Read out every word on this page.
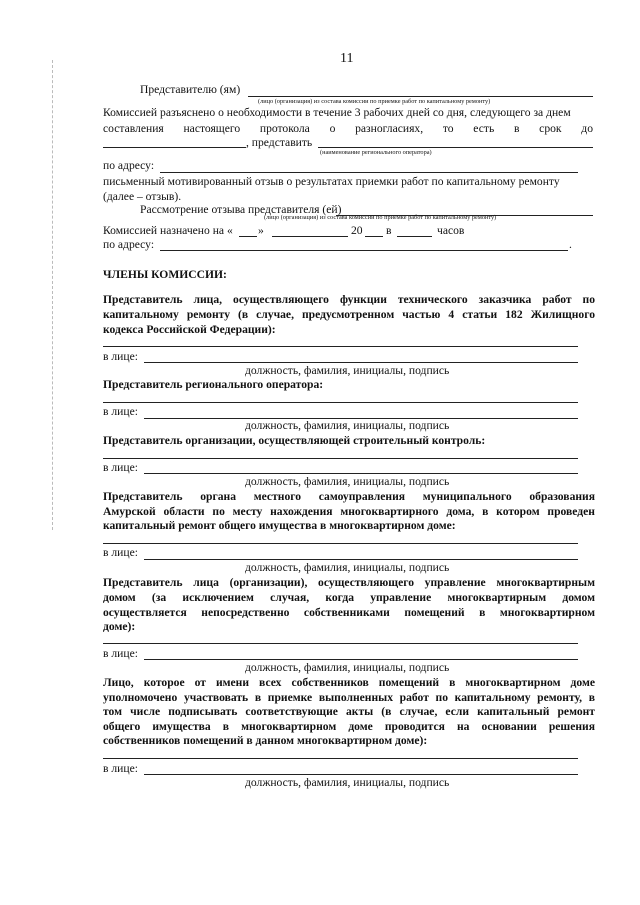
11
Представителю (ям)
(лицо (организация) из состава комиссии по приемке работ по капитальному ремонту)
Комиссией разъяснено о необходимости в течение 3 рабочих дней со дня, следующего за днем
составления настоящего протокола о разногласиях, то есть в срок до
, представить
(наименование регионального оператора)
по адресу:
письменный мотивированный отзыв о результатах приемки работ по капитальному ремонту
(далее – отзыв).
Рассмотрение отзыва представителя (ей)
(лицо (организация) из состава комиссии по приемке работ по капитальному ремонту)
Комиссией назначено на « »	20 в	часов
по адресу:	.
ЧЛЕНЫ КОМИССИИ:
Представитель лица, осуществляющего функции технического заказчика работ по
капитальному ремонту (в случае, предусмотренном частью 4 статьи 182 Жилищного
кодекса Российской Федерации):
в лице:
должность, фамилия, инициалы, подпись
Представитель регионального оператора:
в лице:
должность, фамилия, инициалы, подпись
Представитель организации, осуществляющей строительный контроль:
в лице:
должность, фамилия, инициалы, подпись
Представитель органа местного самоуправления муниципального образования
Амурской области по месту нахождения многоквартирного дома, в котором проведен
капитальный ремонт общего имущества в многоквартирном доме:
в лице:
должность, фамилия, инициалы, подпись
Представитель лица (организации), осуществляющего управление многоквартирным
домом (за исключением случая, когда управление многоквартирным домом
осуществляется непосредственно собственниками помещений в многоквартирном
доме):
в лице:
должность, фамилия, инициалы, подпись
Лицо, которое от имени всех собственников помещений в многоквартирном доме
уполномочено участвовать в приемке выполненных работ по капитальному ремонту, в
том числе подписывать соответствующие акты (в случае, если капитальный ремонт
общего имущества в многоквартирном доме проводится на основании решения
собственников помещений в данном многоквартирном доме):
в лице:
должность, фамилия, инициалы, подпись
